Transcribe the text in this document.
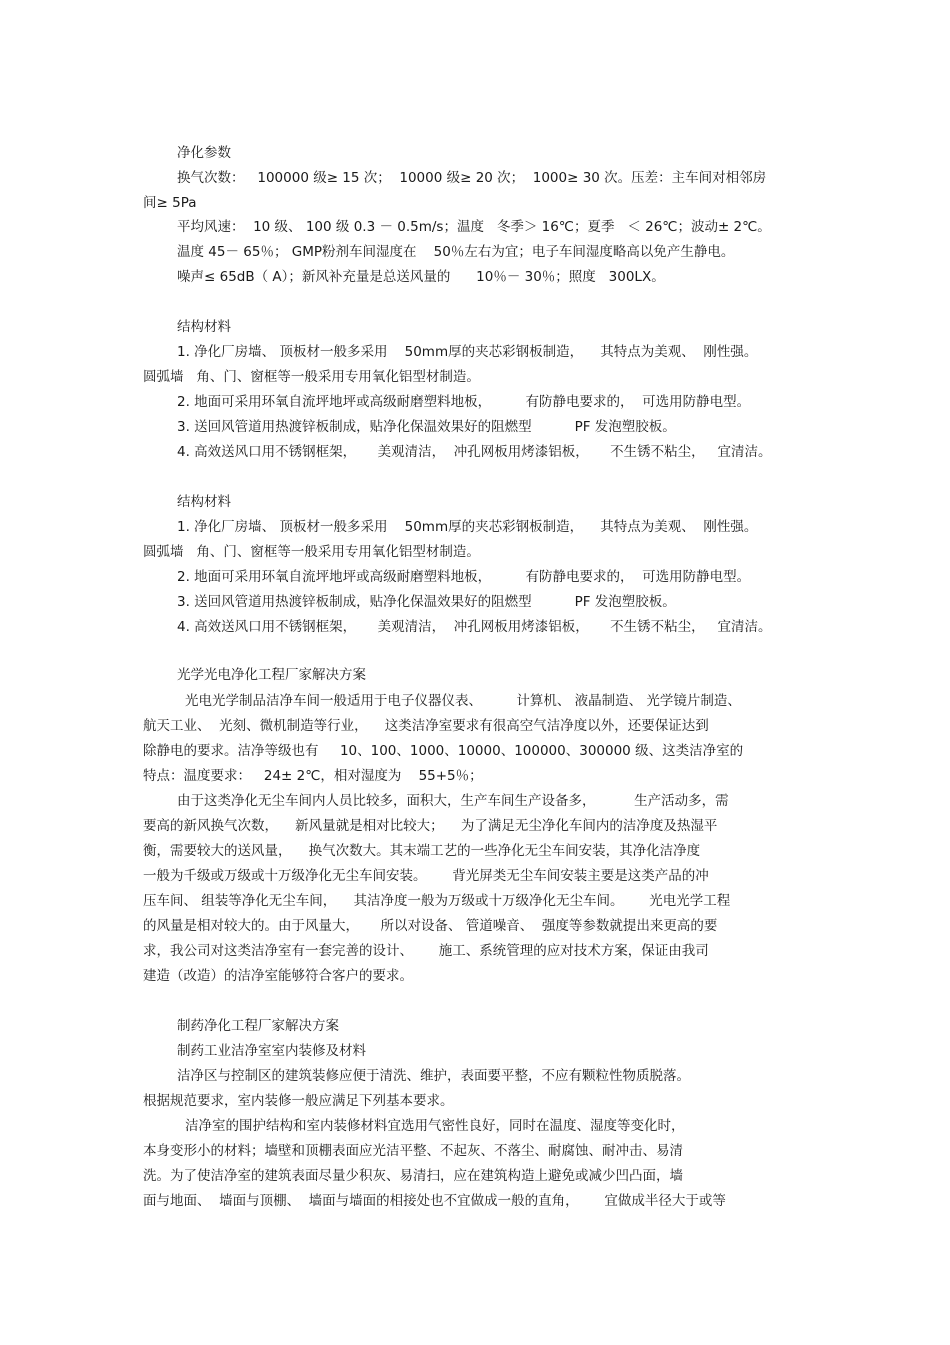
净化参数
换气次数：   100000 级≥ 15 次；  10000 级≥ 20 次；  1000≥ 30 次。压差：主车间对相邻房
间≥ 5Pa
平均风速：  10 级、 100 级 0.3 － 0.5m/s；温度   冬季＞ 16℃；夏季   ＜ 26℃；波动± 2℃。
温度 45－ 65％； GMP粉剂车间湿度在    50％左右为宜；电子车间湿度略高以免产生静电。
噪声≤ 65dB（ A）；新风补充量是总送风量的      10％－ 30％；照度   300LX。
结构材料
1. 净化厂房墙、 顶板材一般多采用    50mm厚的夹芯彩钢板制造，    其特点为美观、  刚性强。
圆弧墙   角、门、窗框等一般采用专用氧化铝型材制造。
2. 地面可采用环氧自流坪地坪或高级耐磨塑料地板，        有防静电要求的，  可选用防静电型。
3. 送回风管道用热渡锌板制成，贴净化保温效果好的阻燃型          PF 发泡塑胶板。
4. 高效送风口用不锈钢框架，     美观清洁，  冲孔网板用烤漆铝板，     不生锈不粘尘，   宜清洁。
结构材料
1. 净化厂房墙、 顶板材一般多采用    50mm厚的夹芯彩钢板制造，    其特点为美观、  刚性强。
圆弧墙   角、门、窗框等一般采用专用氧化铝型材制造。
2. 地面可采用环氧自流坪地坪或高级耐磨塑料地板，        有防静电要求的，  可选用防静电型。
3. 送回风管道用热渡锌板制成，贴净化保温效果好的阻燃型          PF 发泡塑胶板。
4. 高效送风口用不锈钢框架，     美观清洁，  冲孔网板用烤漆铝板，     不生锈不粘尘，   宜清洁。
光学光电净化工程厂家解决方案
光电光学制品洁净车间一般适用于电子仪器仪表、        计算机、 液晶制造、 光学镜片制造、
航天工业、  光刻、微机制造等行业，    这类洁净室要求有很高空气洁净度以外，还要保证达到
除静电的要求。洁净等级也有     10、100、1000、10000、100000、300000 级、这类洁净室的
特点：温度要求：   24± 2℃，相对湿度为    55+5％；
由于这类净化无尘车间内人员比较多，面积大，生产车间生产设备多，         生产活动多，需
要高的新风换气次数，    新风量就是相对比较大；    为了满足无尘净化车间内的洁净度及热湿平
衡，需要较大的送风量，    换气次数大。其末端工艺的一些净化无尘车间安装，其净化洁净度
一般为千级或万级或十万级净化无尘车间安装。      背光屏类无尘车间安装主要是这类产品的冲
压车间、 组装等净化无尘车间，    其洁净度一般为万级或十万级净化无尘车间。      光电光学工程
的风量是相对较大的。由于风量大，     所以对设备、 管道噪音、  强度等参数就提出来更高的要
求，我公司对这类洁净室有一套完善的设计、      施工、系统管理的应对技术方案，保证由我司
建造（改造）的洁净室能够符合客户的要求。
制药净化工程厂家解决方案
制药工业洁净室室内装修及材料
洁净区与控制区的建筑装修应便于清洗、维护，表面要平整，不应有颗粒性物质脱落。
根据规范要求，室内装修一般应满足下列基本要求。
洁净室的围护结构和室内装修材料宜选用气密性良好，同时在温度、湿度等变化时，
本身变形小的材料；墙壁和顶棚表面应光洁平整、不起灰、不落尘、耐腐蚀、耐冲击、易清
洗。为了使洁净室的建筑表面尽量少积灰、易清扫，应在建筑构造上避免或减少凹凸面，墙
面与地面、  墙面与顶棚、  墙面与墙面的相接处也不宜做成一般的直角，      宜做成半径大于或等
